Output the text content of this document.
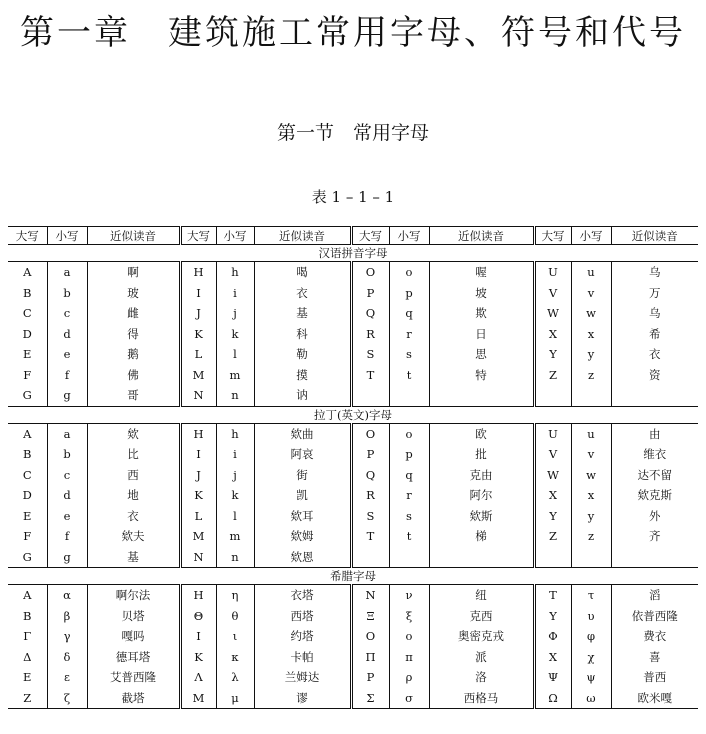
第一章　建筑施工常用字母、符号和代号
第一节　常用字母
表 1 – 1 – 1
大写	小写	近似读音	大写	小写	近似读音	大写	小写	近似读音	大写	小写	近似读音
汉语拼音字母											
A	a	啊	H	h	喝	O	o	喔	U	u	乌
B	b	玻	I	i	衣	P	p	坡	V	v	万
C	c	雌	J	j	基	Q	q	欺	W	w	乌
D	d	得	K	k	科	R	r	日	X	x	希
E	e	鹅	L	l	勒	S	s	思	Y	y	衣
F	f	佛	M	m	摸	T	t	特	Z	z	资
G	g	哥	N	n	讷						
拉丁(英文)字母											
A	a	欸	H	h	欸曲	O	o	欧	U	u	由
B	b	比	I	i	阿哀	P	p	批	V	v	维衣
C	c	西	J	j	街	Q	q	克由	W	w	达不留
D	d	地	K	k	凯	R	r	阿尔	X	x	欸克斯
E	e	衣	L	l	欸耳	S	s	欸斯	Y	y	外
F	f	欸夫	M	m	欸姆	T	t	梯	Z	z	齐
G	g	基	N	n	欸恩						
希腊字母											
A	α	啊尔法	H	η	衣塔	N	ν	纽	T	τ	滔
B	β	贝塔	Θ	θ	西塔	Ξ	ξ	克西	Υ	υ	依普西隆
Γ	γ	嘎吗	I	ι	约塔	O	o	奥密克戎	Φ	φ	费衣
Δ	δ	德耳塔	K	κ	卡帕	Π	π	派	X	χ	喜
E	ε	艾普西隆	Λ	λ	兰姆达	P	ρ	洛	Ψ	ψ	普西
Z	ζ	截塔	M	μ	谬	Σ	σ	西格马	Ω	ω	欧米嘎
